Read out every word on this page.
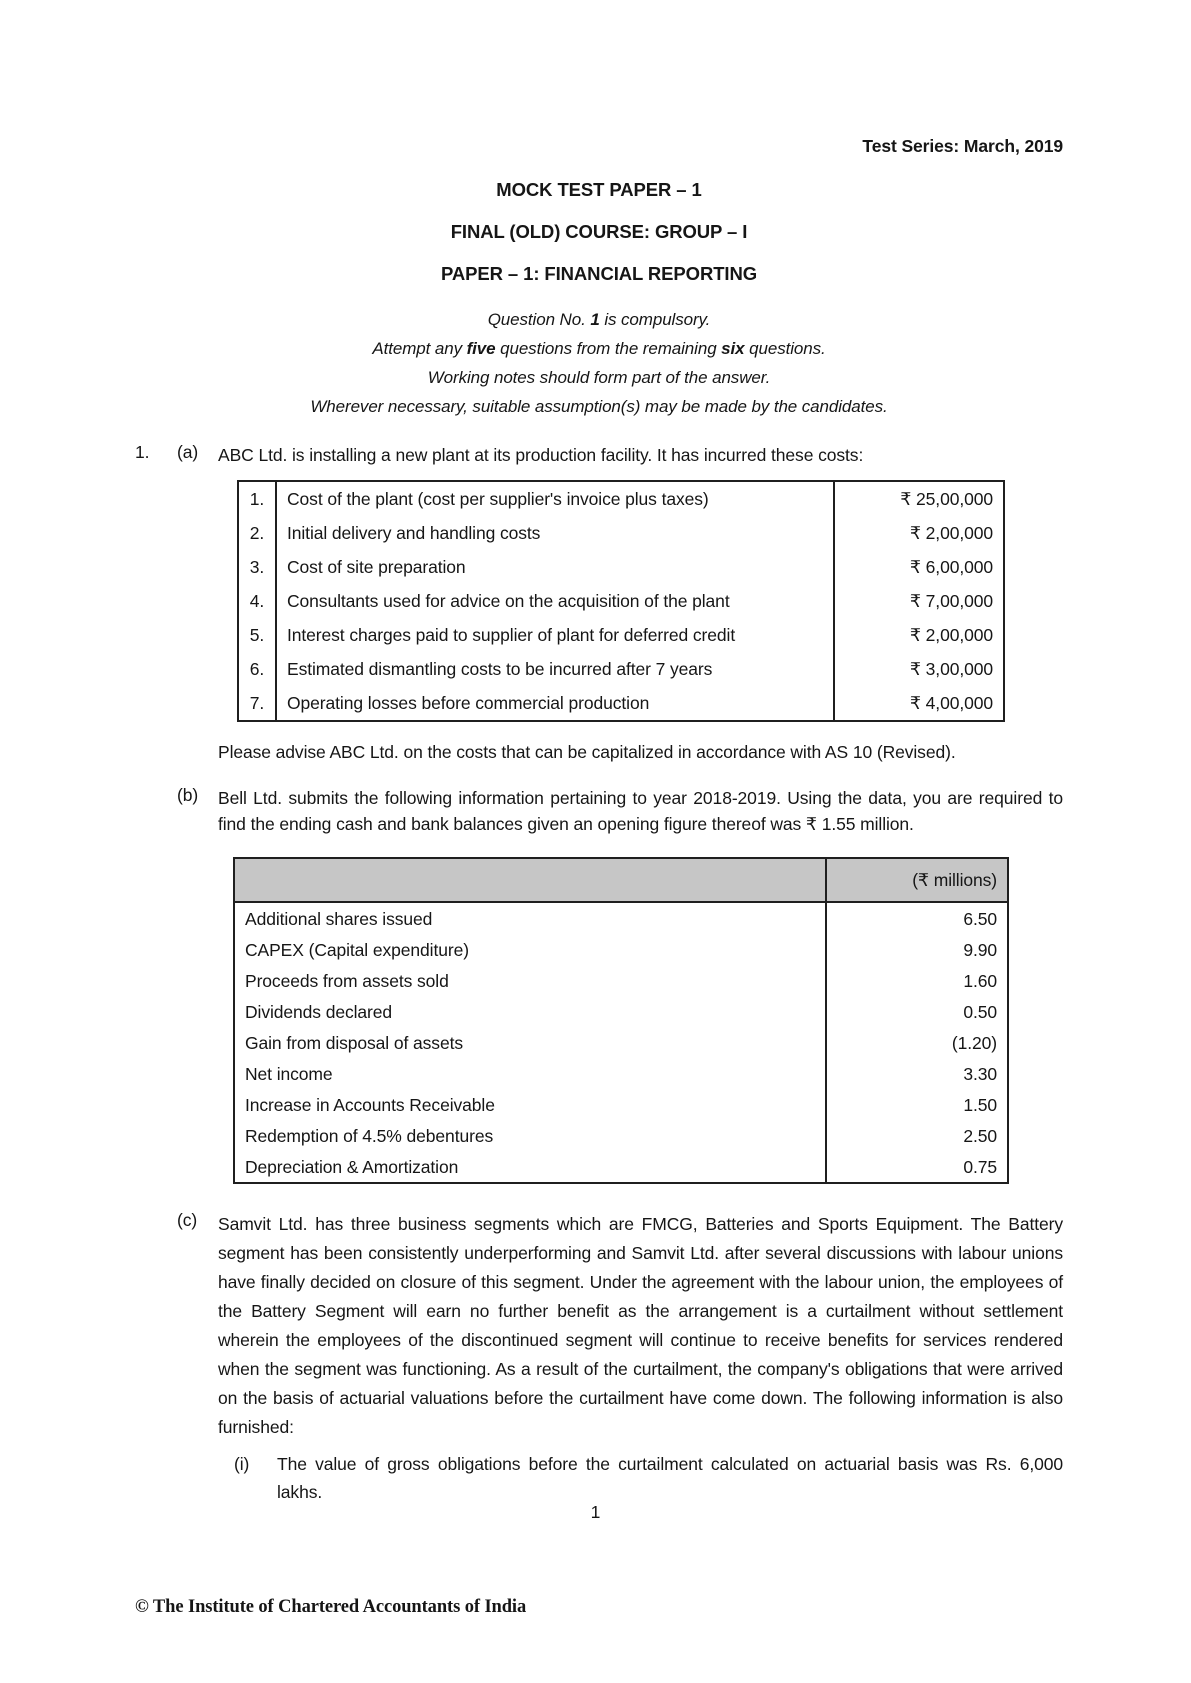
Test Series: March, 2019
MOCK TEST PAPER – 1
FINAL (OLD) COURSE: GROUP – I
PAPER – 1: FINANCIAL REPORTING
Question No. 1 is compulsory.
Attempt any five questions from the remaining six questions.
Working notes should form part of the answer.
Wherever necessary, suitable assumption(s) may be made by the candidates.
1.	(a)	ABC Ltd. is installing a new plant at its production facility. It has incurred these costs:
1.	Cost of the plant (cost per supplier's invoice plus taxes)	₹ 25,00,000
2.	Initial delivery and handling costs	₹ 2,00,000
3.	Cost of site preparation	₹ 6,00,000
4.	Consultants used for advice on the acquisition of the plant	₹ 7,00,000
5.	Interest charges paid to supplier of plant for deferred credit	₹ 2,00,000
6.	Estimated dismantling costs to be incurred after 7 years	₹ 3,00,000
7.	Operating losses before commercial production	₹ 4,00,000
Please advise ABC Ltd. on the costs that can be capitalized in accordance with AS 10 (Revised).
(b)	Bell Ltd. submits the following information pertaining to year 2018-2019. Using the data, you are required to find the ending cash and bank balances given an opening figure thereof was ₹ 1.55 million.
	(₹ millions)
Additional shares issued	6.50
CAPEX (Capital expenditure)	9.90
Proceeds from assets sold	1.60
Dividends declared	0.50
Gain from disposal of assets	(1.20)
Net income	3.30
Increase in Accounts Receivable	1.50
Redemption of 4.5% debentures	2.50
Depreciation & Amortization	0.75
(c)	Samvit Ltd. has three business segments which are FMCG, Batteries and Sports Equipment. The Battery segment has been consistently underperforming and Samvit Ltd. after several discussions with labour unions have finally decided on closure of this segment. Under the agreement with the labour union, the employees of the Battery Segment will earn no further benefit as the arrangement is a curtailment without settlement wherein the employees of the discontinued segment will continue to receive benefits for services rendered when the segment was functioning. As a result of the curtailment, the company's obligations that were arrived on the basis of actuarial valuations before the curtailment have come down. The following information is also furnished:
(i)	The value of gross obligations before the curtailment calculated on actuarial basis was Rs. 6,000 lakhs.
1
© The Institute of Chartered Accountants of India
